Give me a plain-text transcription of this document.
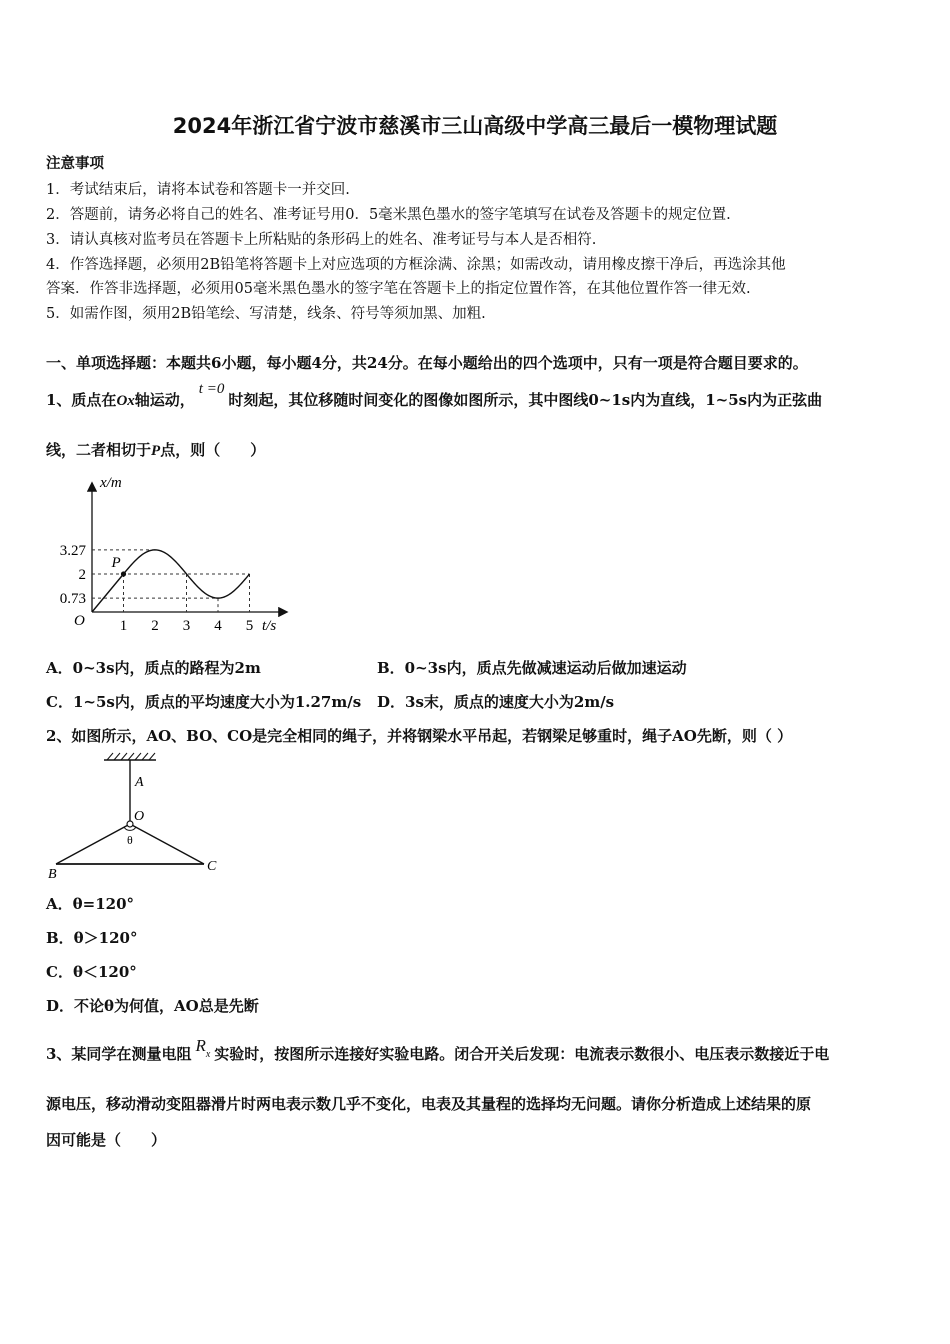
2024年浙江省宁波市慈溪市三山高级中学高三最后一模物理试题
注意事项
1．考试结束后，请将本试卷和答题卡一并交回.
2．答题前，请务必将自己的姓名、准考证号用0．5毫米黑色墨水的签字笔填写在试卷及答题卡的规定位置.
3．请认真核对监考员在答题卡上所粘贴的条形码上的姓名、准考证号与本人是否相符.
4．作答选择题，必须用2B铅笔将答题卡上对应选项的方框涂满、涂黑；如需改动，请用橡皮擦干净后，再选涂其他
答案．作答非选择题，必须用05毫米黑色墨水的签字笔在答题卡上的指定位置作答，在其他位置作答一律无效.
5．如需作图，须用2B铅笔绘、写清楚，线条、符号等须加黑、加粗.
一、单项选择题：本题共6小题，每小题4分，共24分。在每小题给出的四个选项中，只有一项是符合题目要求的。
1、质点在Ox轴运动，t =0时刻起，其位移随时间变化的图像如图所示，其中图线0~1s内为直线，1~5s内为正弦曲
线，二者相切于P点，则（　　）
P
x/m
t/s
O
3.27
2
0.73
1 2 3 4 5
A．0~3s内，质点的路程为2m	B．0~3s内，质点先做减速运动后做加速运动
C．1~5s内，质点的平均速度大小为1.27m/s D．3s末，质点的速度大小为2m/s
2、如图所示，AO、BO、CO是完全相同的绳子，并将钢梁水平吊起，若钢梁足够重时，绳子AO先断，则（ ）
A
O
θ
B
C
A．θ=120°
B．θ＞120°
C．θ＜120°
D．不论θ为何值，AO总是先断
3、某同学在测量电阻 Rx 实验时，按图所示连接好实验电路。闭合开关后发现：电流表示数很小、电压表示数接近于电
源电压，移动滑动变阻器滑片时两电表示数几乎不变化，电表及其量程的选择均无问题。请你分析造成上述结果的原
因可能是（　　）
